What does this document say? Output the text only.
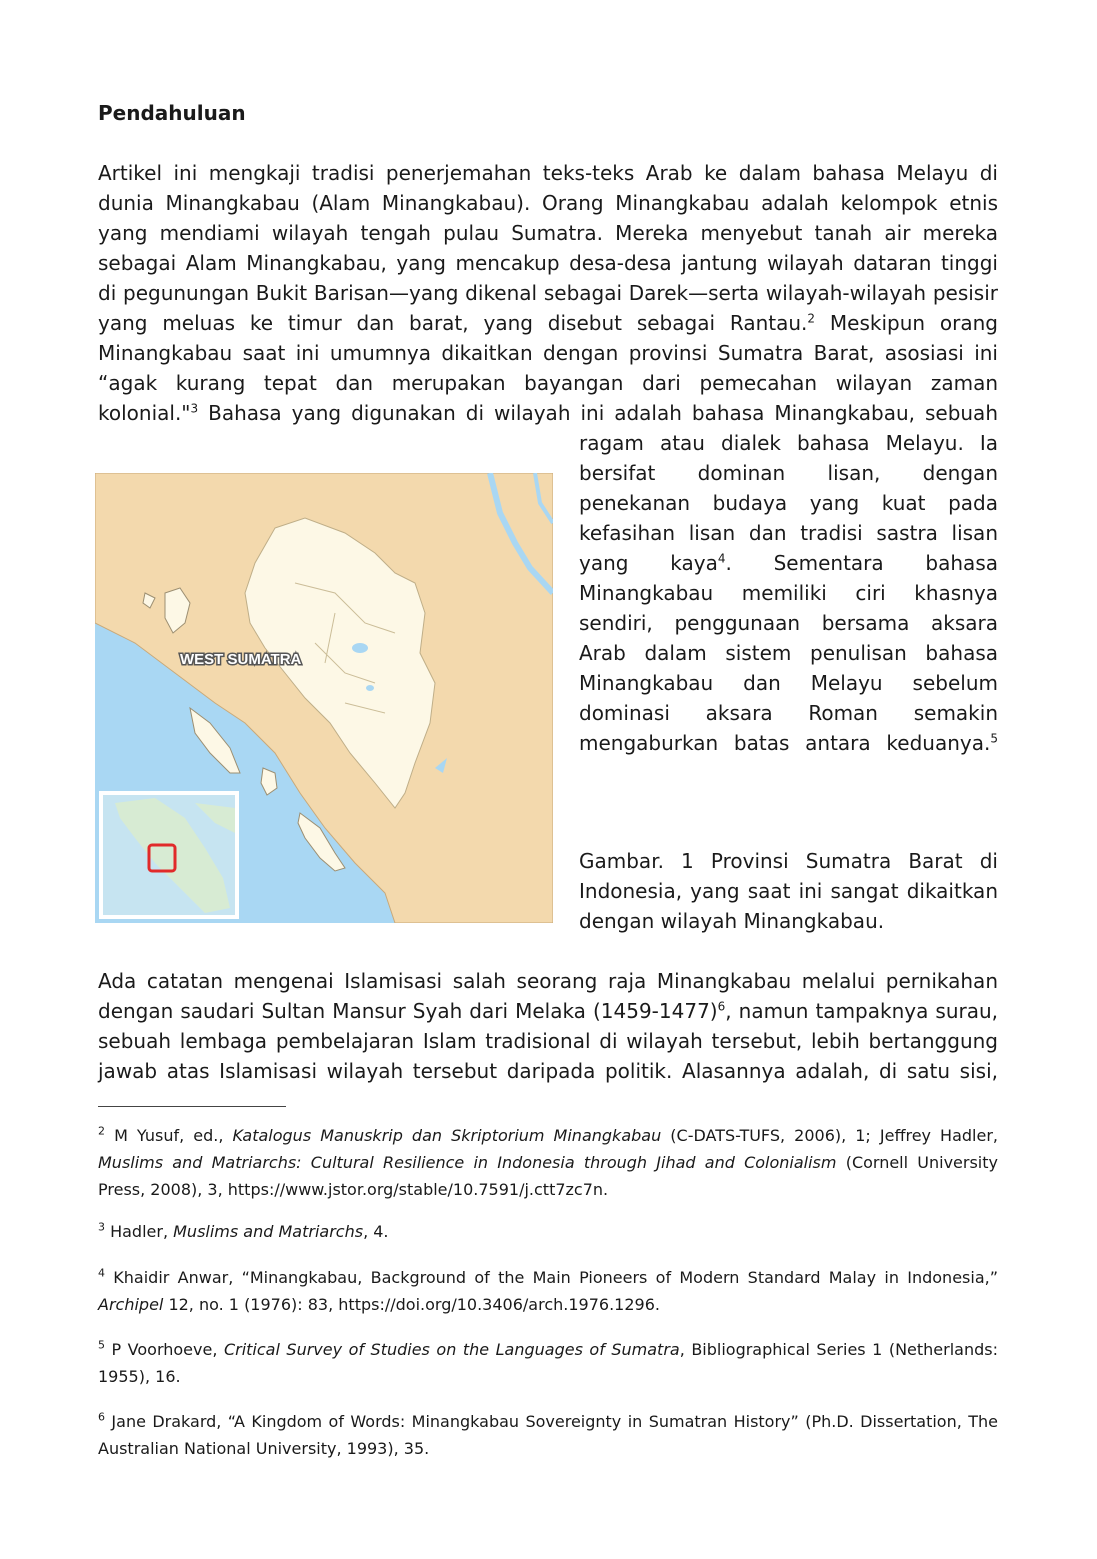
Pendahuluan

Artikel ini mengkaji tradisi penerjemahan teks-teks Arab ke dalam bahasa Melayu di

dunia Minangkabau (Alam Minangkabau). Orang Minangkabau adalah kelompok etnis

yang mendiami wilayah tengah pulau Sumatra. Mereka menyebut tanah air mereka

sebagai Alam Minangkabau, yang mencakup desa-desa jantung wilayah dataran tinggi

di pegunungan Bukit Barisan—yang dikenal sebagai Darek—serta wilayah-wilayah pesisir

yang meluas ke timur dan barat, yang disebut sebagai Rantau.$^2$ Meskipun orang

Minangkabau saat ini umumnya dikaitkan dengan provinsi Sumatra Barat, asosiasi ini

“agak kurang tepat dan merupakan bayangan dari pemecahan wilayan zaman

kolonial."$^3$ Bahasa yang digunakan di wilayah ini adalah bahasa Minangkabau, sebuah

WEST SUMATRA

ragam atau dialek bahasa Melayu. Ia bersifat dominan lisan, dengan penekanan budaya yang kuat pada kefasihan lisan dan tradisi sastra lisan yang kaya$^4$. Sementara bahasa Minangkabau memiliki ciri khasnya sendiri, penggunaan bersama aksara Arab dalam sistem penulisan bahasa Minangkabau dan Melayu sebelum dominasi aksara Roman semakin mengaburkan batas antara keduanya.$^5$

Gambar. 1 Provinsi Sumatra Barat di Indonesia, yang saat ini sangat dikaitkan dengan wilayah Minangkabau.

Ada catatan mengenai Islamisasi salah seorang raja Minangkabau melalui pernikahan dengan saudari Sultan Mansur Syah dari Melaka (1459-1477)$^6$, namun tampaknya surau, sebuah lembaga pembelajaran Islam tradisional di wilayah tersebut, lebih bertanggung jawab atas Islamisasi wilayah tersebut daripada politik. Alasannya adalah, di satu sisi,

$^2$ M Yusuf, ed., Katalogus Manuskrip dan Skriptorium Minangkabau (C-DATS-TUFS, 2006), 1; Jeffrey Hadler, Muslims and Matriarchs: Cultural Resilience in Indonesia through Jihad and Colonialism (Cornell University Press, 2008), 3, https://www.jstor.org/stable/10.7591/j.ctt7zc7n.

$^3$ Hadler, Muslims and Matriarchs, 4.

$^4$ Khaidir Anwar, “Minangkabau, Background of the Main Pioneers of Modern Standard Malay in Indonesia,” Archipel 12, no. 1 (1976): 83, https://doi.org/10.3406/arch.1976.1296.

$^5$ P Voorhoeve, Critical Survey of Studies on the Languages of Sumatra, Bibliographical Series 1 (Netherlands: 1955), 16.

$^6$ Jane Drakard, “A Kingdom of Words: Minangkabau Sovereignty in Sumatran History” (Ph.D. Dissertation, The Australian National University, 1993), 35.
